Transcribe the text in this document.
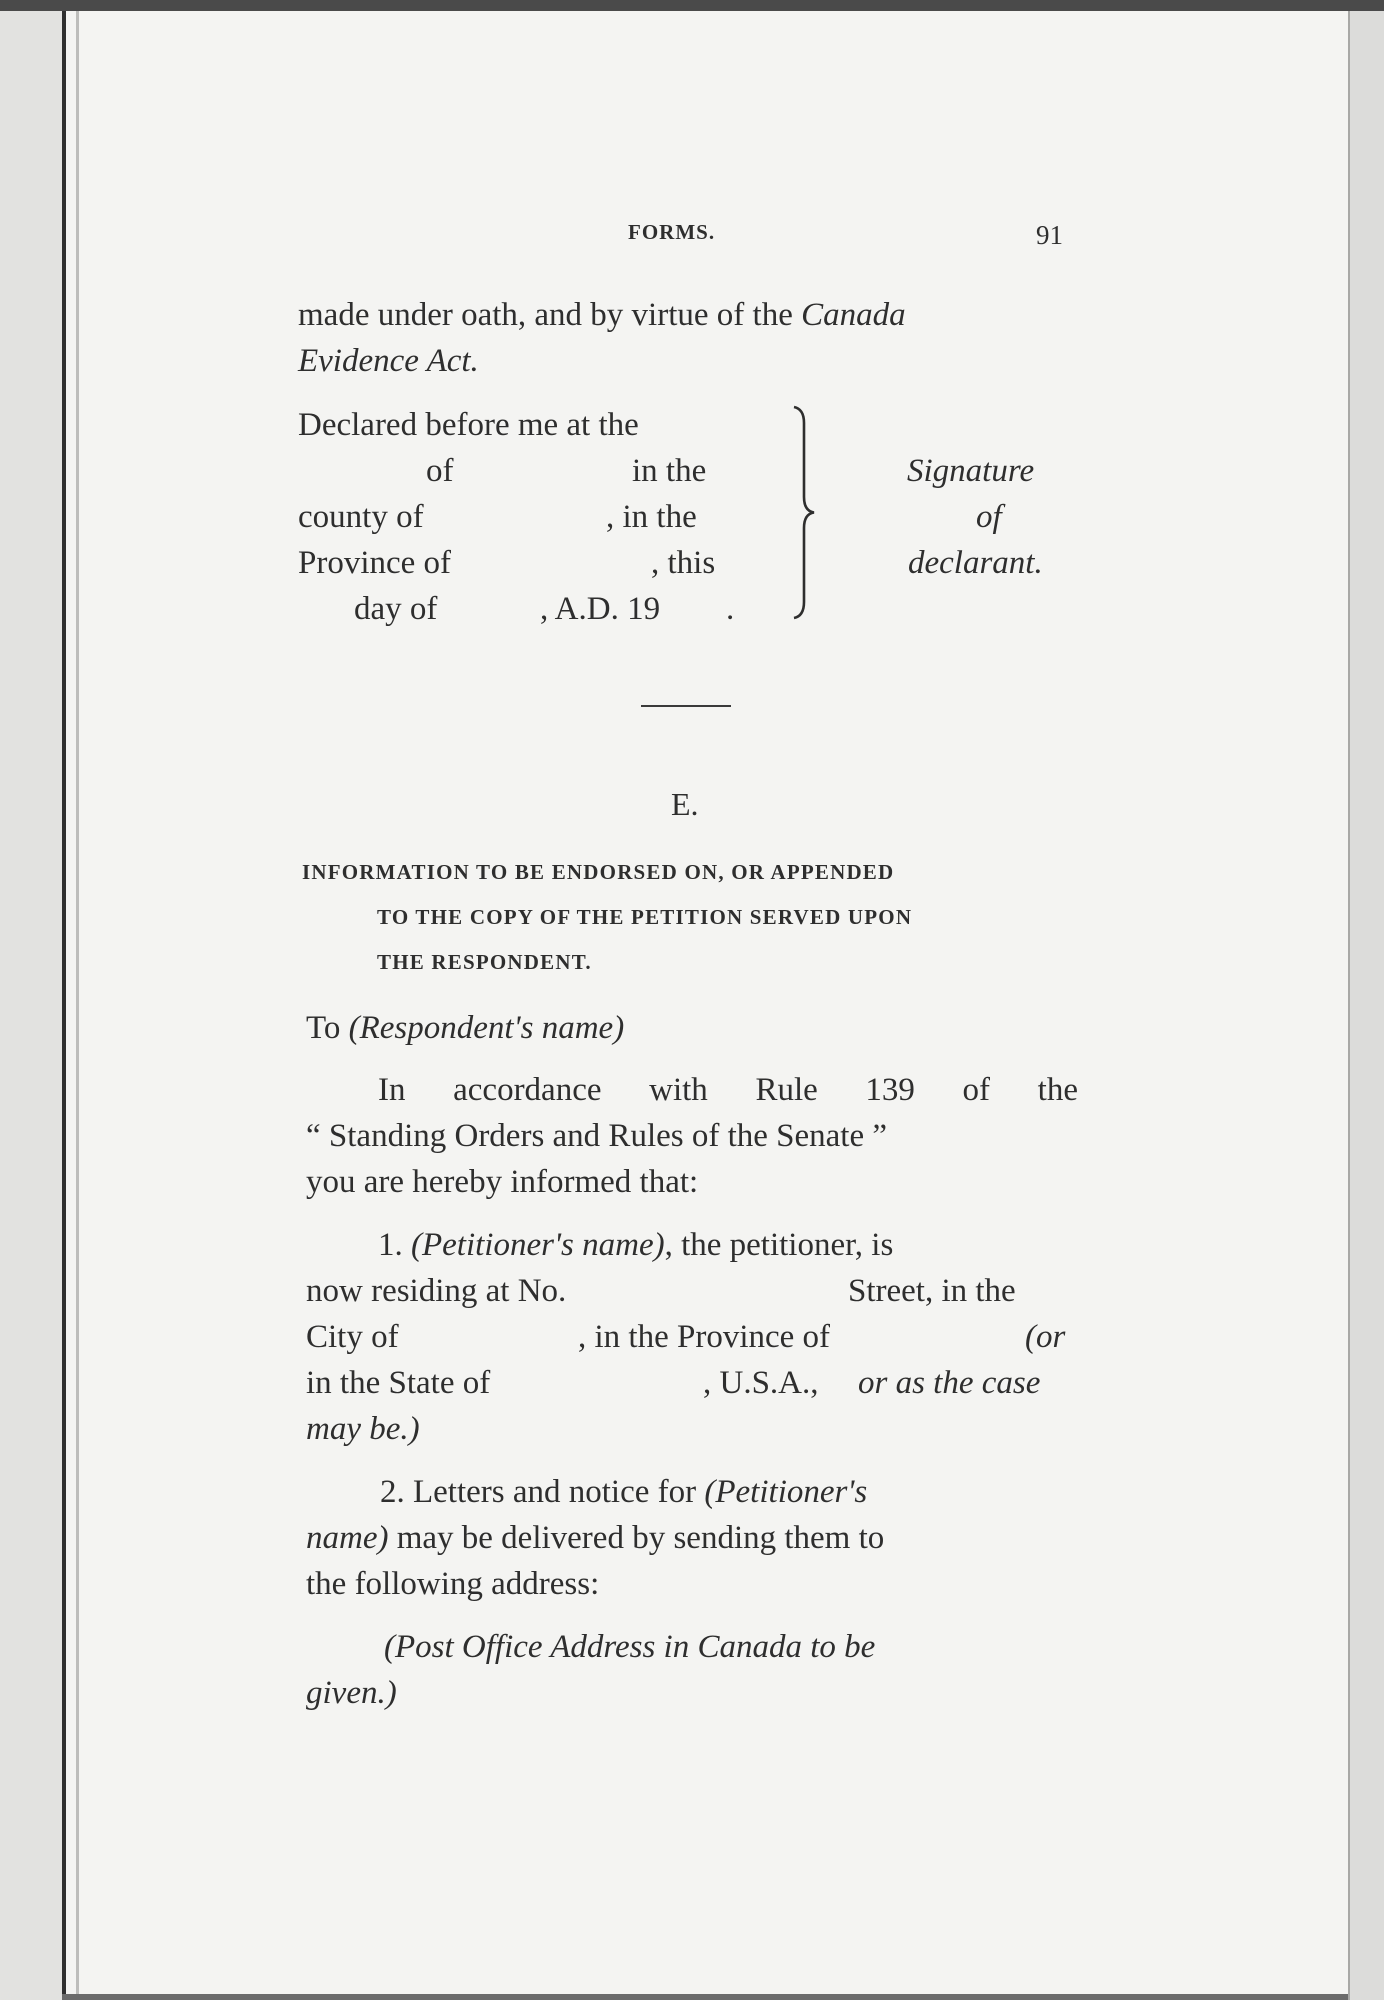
FORMS.	91

made under oath, and by virtue of the Canada

Evidence Act.

Declared before me at the

of	in the

county of	, in the

Province of	, this

day of	, A.D. 19 .

Signature

of

declarant.

E.

INFORMATION TO BE ENDORSED ON, OR APPENDED

TO THE COPY OF THE PETITION SERVED UPON

THE RESPONDENT.

To (Respondent's name)

In accordance with Rule 139 of the

“ Standing Orders and Rules of the Senate ”

you are hereby informed that:

1. (Petitioner's name), the petitioner, is

now residing at No.	Street, in the

City of	, in the Province of	(or

in the State of	, U.S.A., or as the case

may be.)

2. Letters and notice for (Petitioner's

name) may be delivered by sending them to

the following address:

(Post Office Address in Canada to be

given.)
